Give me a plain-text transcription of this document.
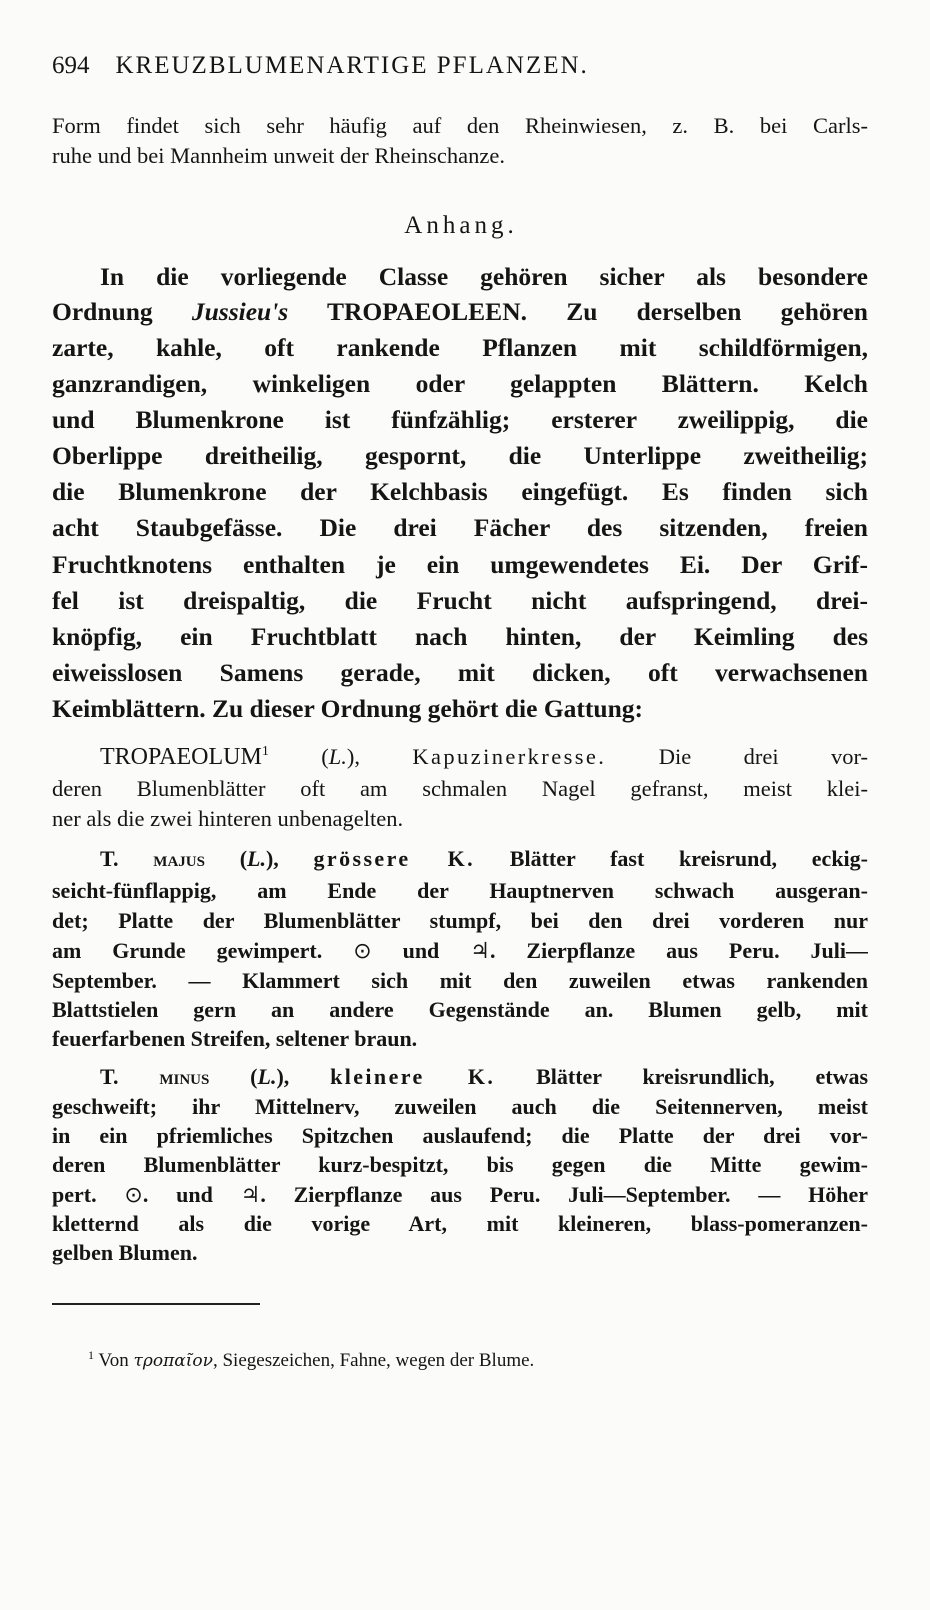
694 KREUZBLUMENARTIGE PFLANZEN.
Form findet sich sehr häufig auf den Rheinwiesen, z. B. bei Carls-
ruhe und bei Mannheim unweit der Rheinschanze.
Anhang.
In die vorliegende Classe gehören sicher als besondere
Ordnung Jussieu's TROPAEOLEEN. Zu derselben gehören
zarte, kahle, oft rankende Pflanzen mit schildförmigen,
ganzrandigen, winkeligen oder gelappten Blättern. Kelch
und Blumenkrone ist fünfzählig; ersterer zweilippig, die
Oberlippe dreitheilig, gespornt, die Unterlippe zweitheilig;
die Blumenkrone der Kelchbasis eingefügt. Es finden sich
acht Staubgefässe. Die drei Fächer des sitzenden, freien
Fruchtknotens enthalten je ein umgewendetes Ei. Der Grif-
fel ist dreispaltig, die Frucht nicht aufspringend, drei-
knöpfig, ein Fruchtblatt nach hinten, der Keimling des
eiweisslosen Samens gerade, mit dicken, oft verwachsenen
Keimblättern. Zu dieser Ordnung gehört die Gattung:
TROPAEOLUM$^1$ (L.), Kapuzinerkresse. Die drei vor-
deren Blumenblätter oft am schmalen Nagel gefranst, meist klei-
ner als die zwei hinteren unbenagelten.
T. majus (L.), grössere K. Blätter fast kreisrund, eckig-
seicht-fünflappig, am Ende der Hauptnerven schwach ausgeran-
det; Platte der Blumenblätter stumpf, bei den drei vorderen nur
am Grunde gewimpert. ⊙ und ♃. Zierpflanze aus Peru. Juli—
September. — Klammert sich mit den zuweilen etwas rankenden
Blattstielen gern an andere Gegenstände an. Blumen gelb, mit
feuerfarbenen Streifen, seltener braun.
T. minus (L.), kleinere K. Blätter kreisrundlich, etwas
geschweift; ihr Mittelnerv, zuweilen auch die Seitennerven, meist
in ein pfriemliches Spitzchen auslaufend; die Platte der drei vor-
deren Blumenblätter kurz-bespitzt, bis gegen die Mitte gewim-
pert. ⊙. und ♃. Zierpflanze aus Peru. Juli—September. — Höher
kletternd als die vorige Art, mit kleineren, blass-pomeranzen-
gelben Blumen.
$^1$ Von τροπαῖον, Siegeszeichen, Fahne, wegen der Blume.
